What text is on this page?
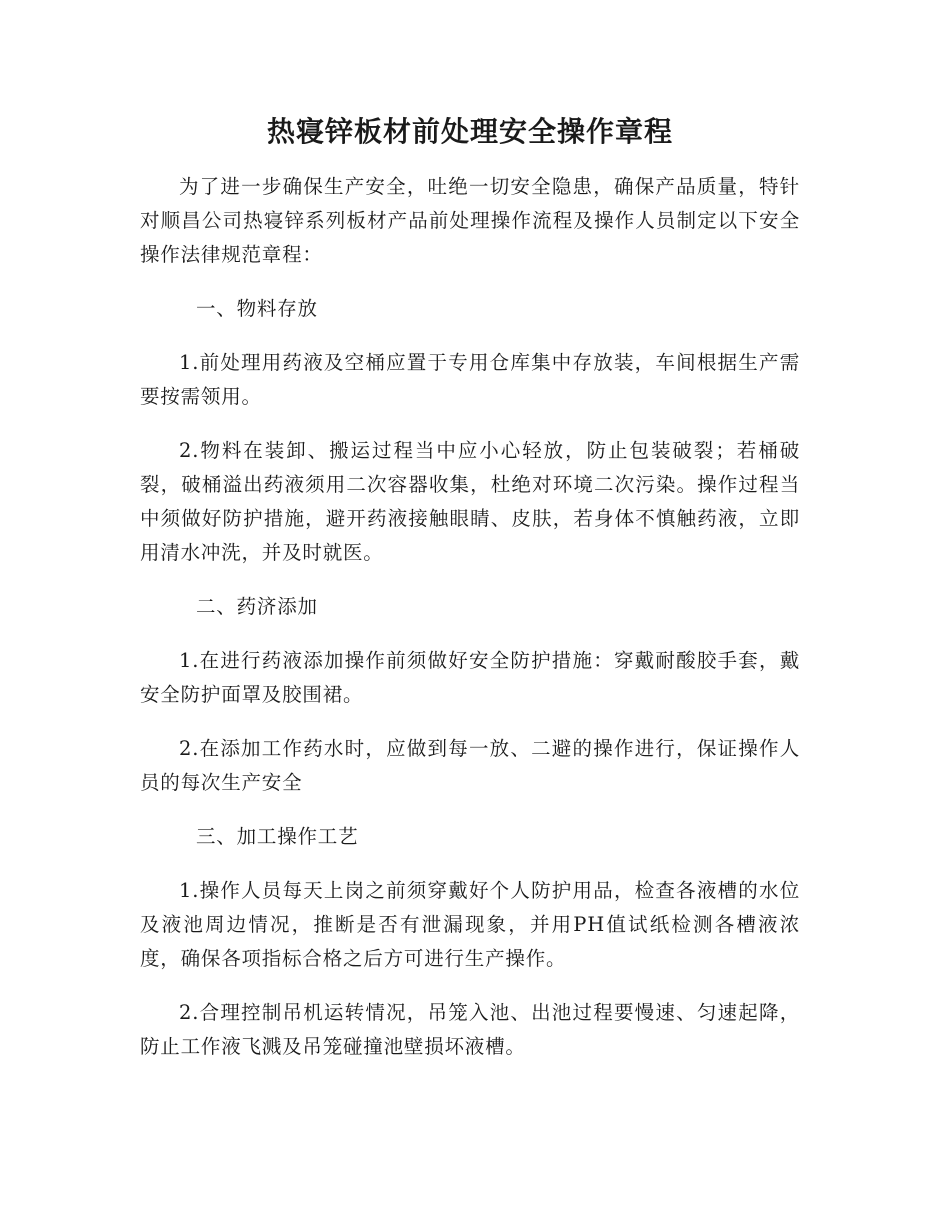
热寝锌板材前处理安全操作章程

为了进一步确保生产安全，吐绝一切安全隐患，确保产品质量，特针对顺昌公司热寝锌系列板材产品前处理操作流程及操作人员制定以下安全操作法律规范章程：

一、物料存放

1.前处理用药液及空桶应置于专用仓库集中存放装，车间根据生产需要按需领用。

2.物料在装卸、搬运过程当中应小心轻放，防止包装破裂；若桶破裂，破桶溢出药液须用二次容器收集，杜绝对环境二次污染。操作过程当中须做好防护措施，避开药液接触眼睛、皮肤，若身体不慎触药液，立即用清水冲洗，并及时就医。

二、药济添加

1.在进行药液添加操作前须做好安全防护措施：穿戴耐酸胶手套，戴安全防护面罩及胶围裙。

2.在添加工作药水时，应做到每一放、二避的操作进行，保证操作人员的每次生产安全

三、加工操作工艺

1.操作人员每天上岗之前须穿戴好个人防护用品，检查各液槽的水位及液池周边情况，推断是否有泄漏现象，并用PH值试纸检测各槽液浓度，确保各项指标合格之后方可进行生产操作。

2.合理控制吊机运转情况，吊笼入池、出池过程要慢速、匀速起降，防止工作液飞溅及吊笼碰撞池壁损坏液槽。
